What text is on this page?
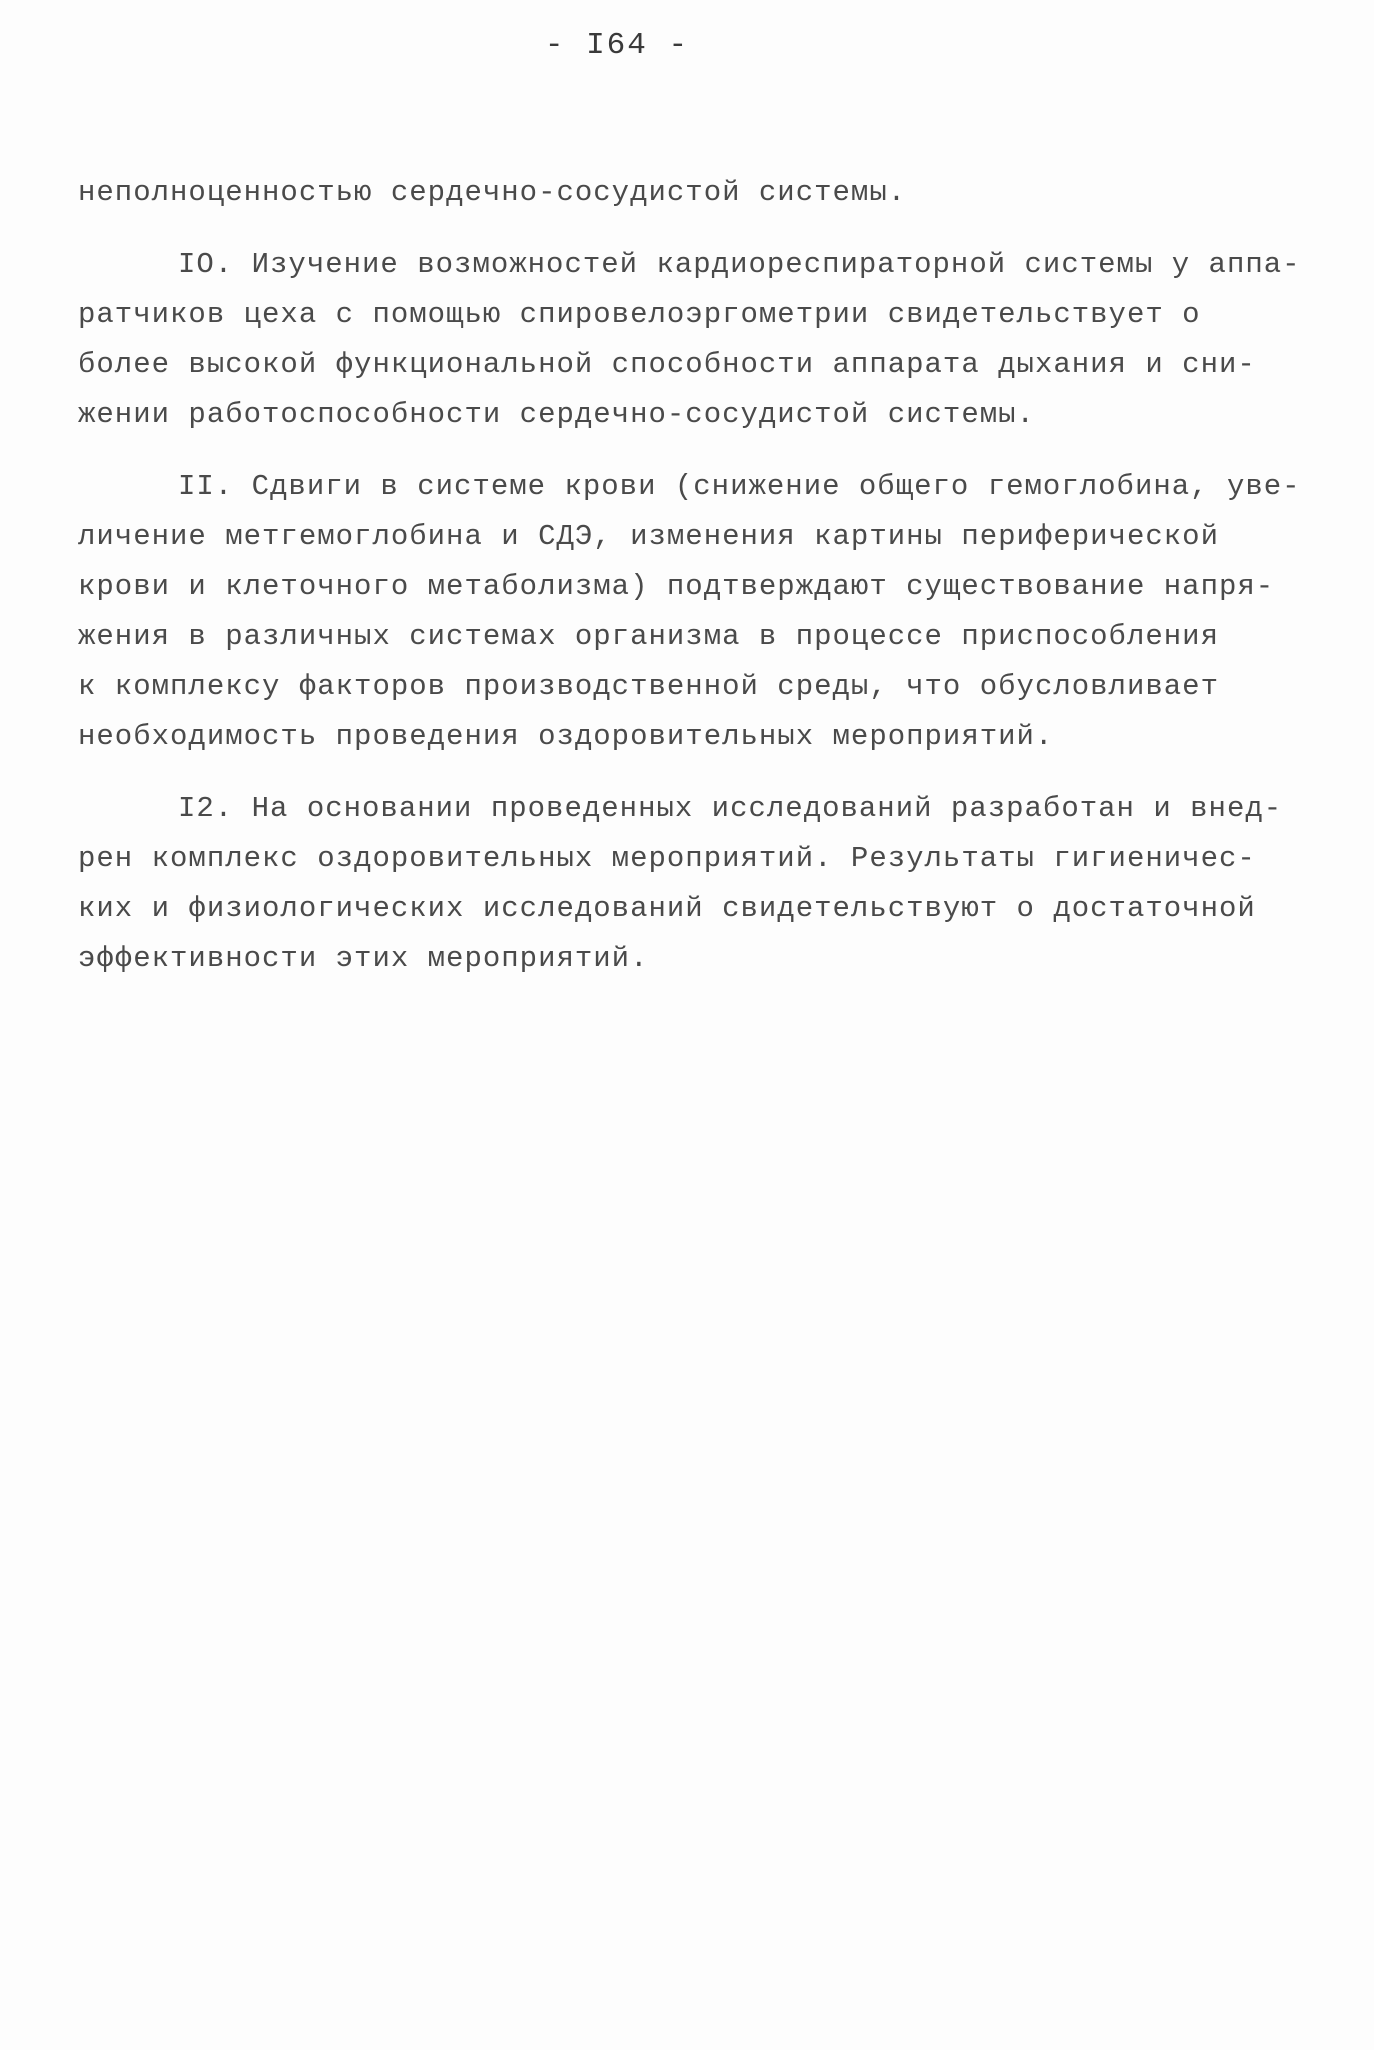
- I64 -
неполноценностью сердечно-сосудистой системы.
IO. Изучение возможностей кардиореспираторной системы у аппа-
ратчиков цеха с помощью спировелоэргометрии свидетельствует о
более высокой функциональной способности аппарата дыхания и сни-
жении работоспособности сердечно-сосудистой системы.
II. Сдвиги в системе крови (снижение общего гемоглобина, уве-
личение метгемоглобина и СДЭ, изменения картины периферической
крови и клеточного метаболизма) подтверждают существование напря-
жения в различных системах организма в процессе приспособления
к комплексу факторов производственной среды, что обусловливает
необходимость проведения оздоровительных мероприятий.
I2. На основании проведенных исследований разработан и внед-
рен комплекс оздоровительных мероприятий. Результаты гигиеничес-
ких и физиологических исследований свидетельствуют о достаточной
эффективности этих мероприятий.
